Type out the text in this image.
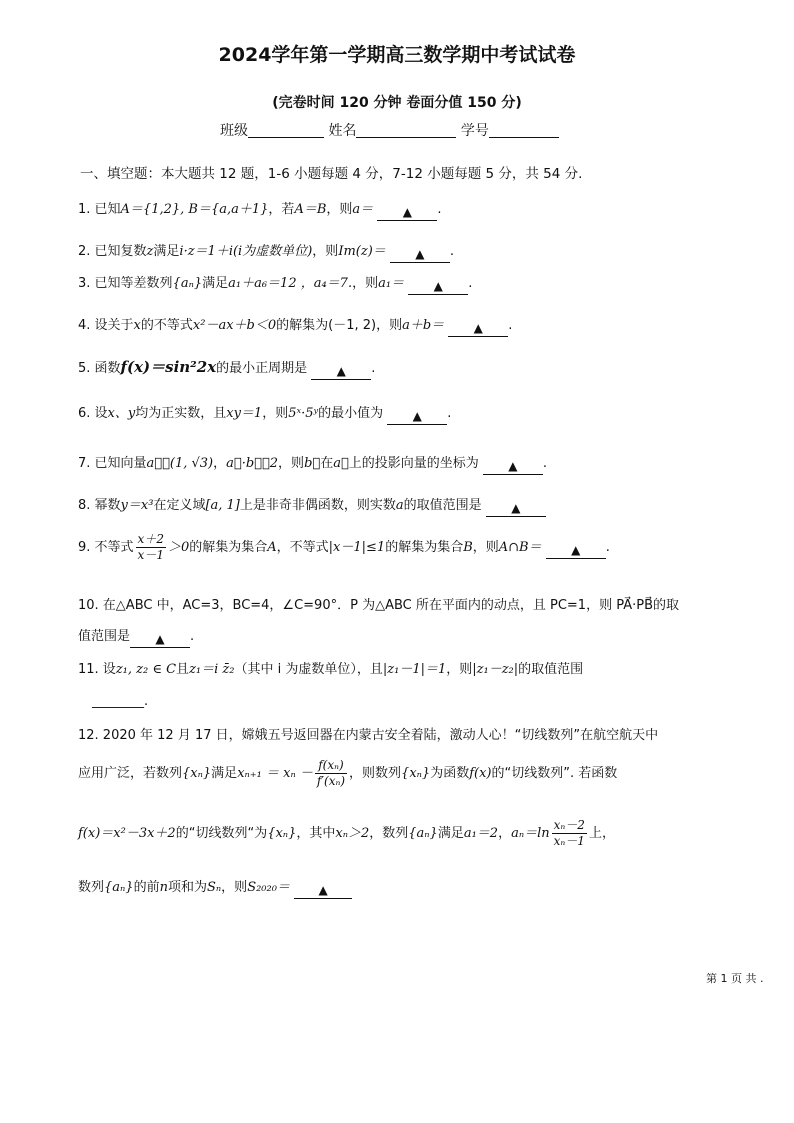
2024学年第一学期高三数学期中考试试卷
(完卷时间 120 分钟 卷面分值 150 分)
班级	姓名	学号
一、填空题：本大题共 12 题，1-6 小题每题 4 分，7-12 小题每题 5 分，共 54 分.
1. 已知A＝{1,2}, B＝{a,a＋1}，若A＝B，则a＝ ▲ .
2. 已知复数z满足i·z＝1＋i(i为虚数单位)，则Im(z)＝ ▲ .
3. 已知等差数列{aₙ}满足a₁＋a₆＝12 ，a₄＝7.，则a₁＝ ▲ .
4. 设关于x的不等式x²－ax＋b＜0的解集为(－1, 2)，则a＋b＝ ▲ .
5. 函数f(x)＝sin²2x的最小正周期是 ▲ .
6. 设x、y均为正实数，且xy＝1，则5ˣ·5ʸ的最小值为 ▲ .
7. 已知向量a⃗＝(1, √3)，a⃗·b⃗＝2，则b⃗在a⃗上的投影向量的坐标为 ▲ .
8. 幂数y＝x³在定义域[a, 1]上是非奇非偶函数，则实数a的取值范围是 ▲
9. 不等式 $\frac{x+2}{x-1} >0$的解集为集合A，不等式|x－1|≤1的解集为集合B，则A∩B＝ ▲ .
10. 在△ABC 中，AC=3，BC=4，∠C=90°．P 为△ABC 所在平面内的动点，且 PC=1，则 PA⃗·PB⃗的取
值范围是 ▲ .
11. 设z₁, z₂ ∈ C且z₁＝i z̄₂（其中 i 为虚数单位），且|z₁－1|＝1，则|z₁－z₂|的取值范围
________.
12. 2020 年 12 月 17 日，嫦娥五号返回器在内蒙古安全着陆，激动人心！“切线数列”在航空航天中
应用广泛，若数列{xₙ}满足$x_{n+1} = x_n - \frac{\text{f(xₙ)}}{\text{f′(xₙ)}}$ ，则数列{xₙ}为函数f(x)的“切线数列”. 若函数
f(x)＝x²－3x＋2的“切线数列“为{xₙ}，其中xₙ＞2，数列{aₙ}满足a₁＝2，$a_n=\ln \frac{\text{xₙ－2}}{\text{xₙ－1}}$ 上，
数列{aₙ}的前n项和为Sₙ，则S₂₀₂₀＝ ▲
第 1 页 共 .
